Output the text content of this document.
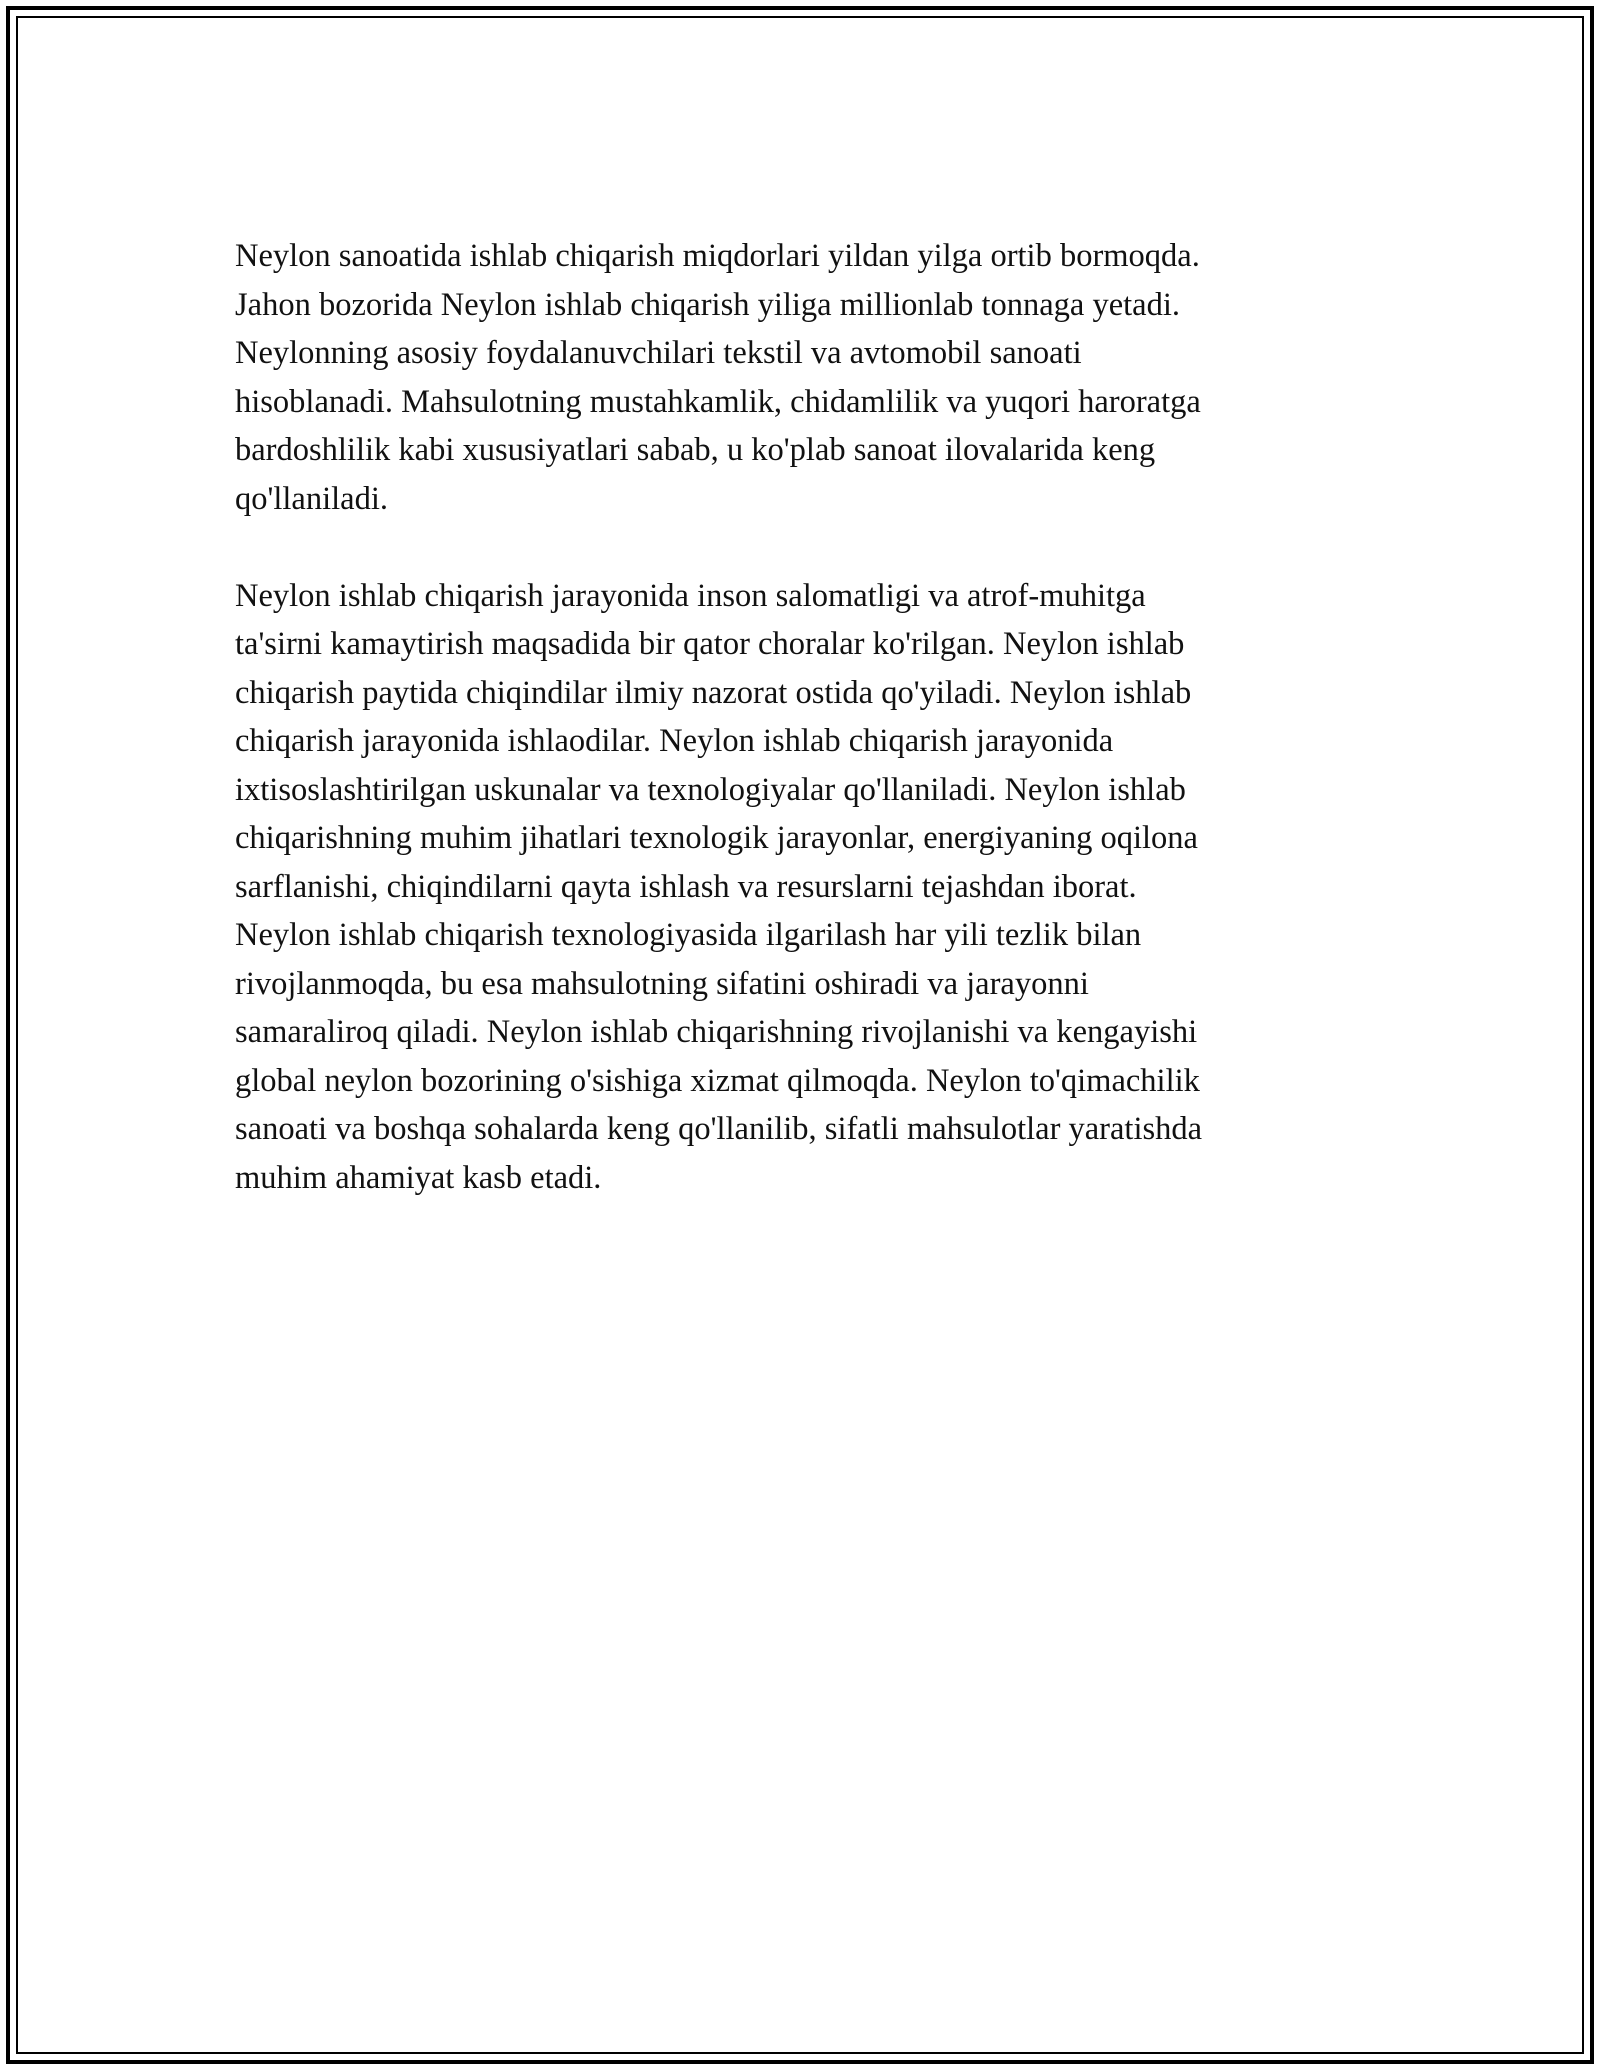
Neylon sanoatida ishlab chiqarish miqdorlari yildan yilga ortib bormoqda.
Jahon bozorida Neylon ishlab chiqarish yiliga millionlab tonnaga yetadi.
Neylonning asosiy foydalanuvchilari tekstil va avtomobil sanoati
hisoblanadi. Mahsulotning mustahkamlik, chidamlilik va yuqori haroratga
bardoshlilik kabi xususiyatlari sabab, u ko'plab sanoat ilovalarida keng
qo'llaniladi.

Neylon ishlab chiqarish jarayonida inson salomatligi va atrof-muhitga
ta'sirni kamaytirish maqsadida bir qator choralar ko'rilgan. Neylon ishlab
chiqarish paytida chiqindilar ilmiy nazorat ostida qo'yiladi. Neylon ishlab
chiqarish jarayonida ishlaodilar. Neylon ishlab chiqarish jarayonida
ixtisoslashtirilgan uskunalar va texnologiyalar qo'llaniladi. Neylon ishlab
chiqarishning muhim jihatlari texnologik jarayonlar, energiyaning oqilona
sarflanishi, chiqindilarni qayta ishlash va resurslarni tejashdan iborat.
Neylon ishlab chiqarish texnologiyasida ilgarilash har yili tezlik bilan
rivojlanmoqda, bu esa mahsulotning sifatini oshiradi va jarayonni
samaraliroq qiladi. Neylon ishlab chiqarishning rivojlanishi va kengayishi
global neylon bozorining o'sishiga xizmat qilmoqda. Neylon to'qimachilik
sanoati va boshqa sohalarda keng qo'llanilib, sifatli mahsulotlar yaratishda
muhim ahamiyat kasb etadi.
